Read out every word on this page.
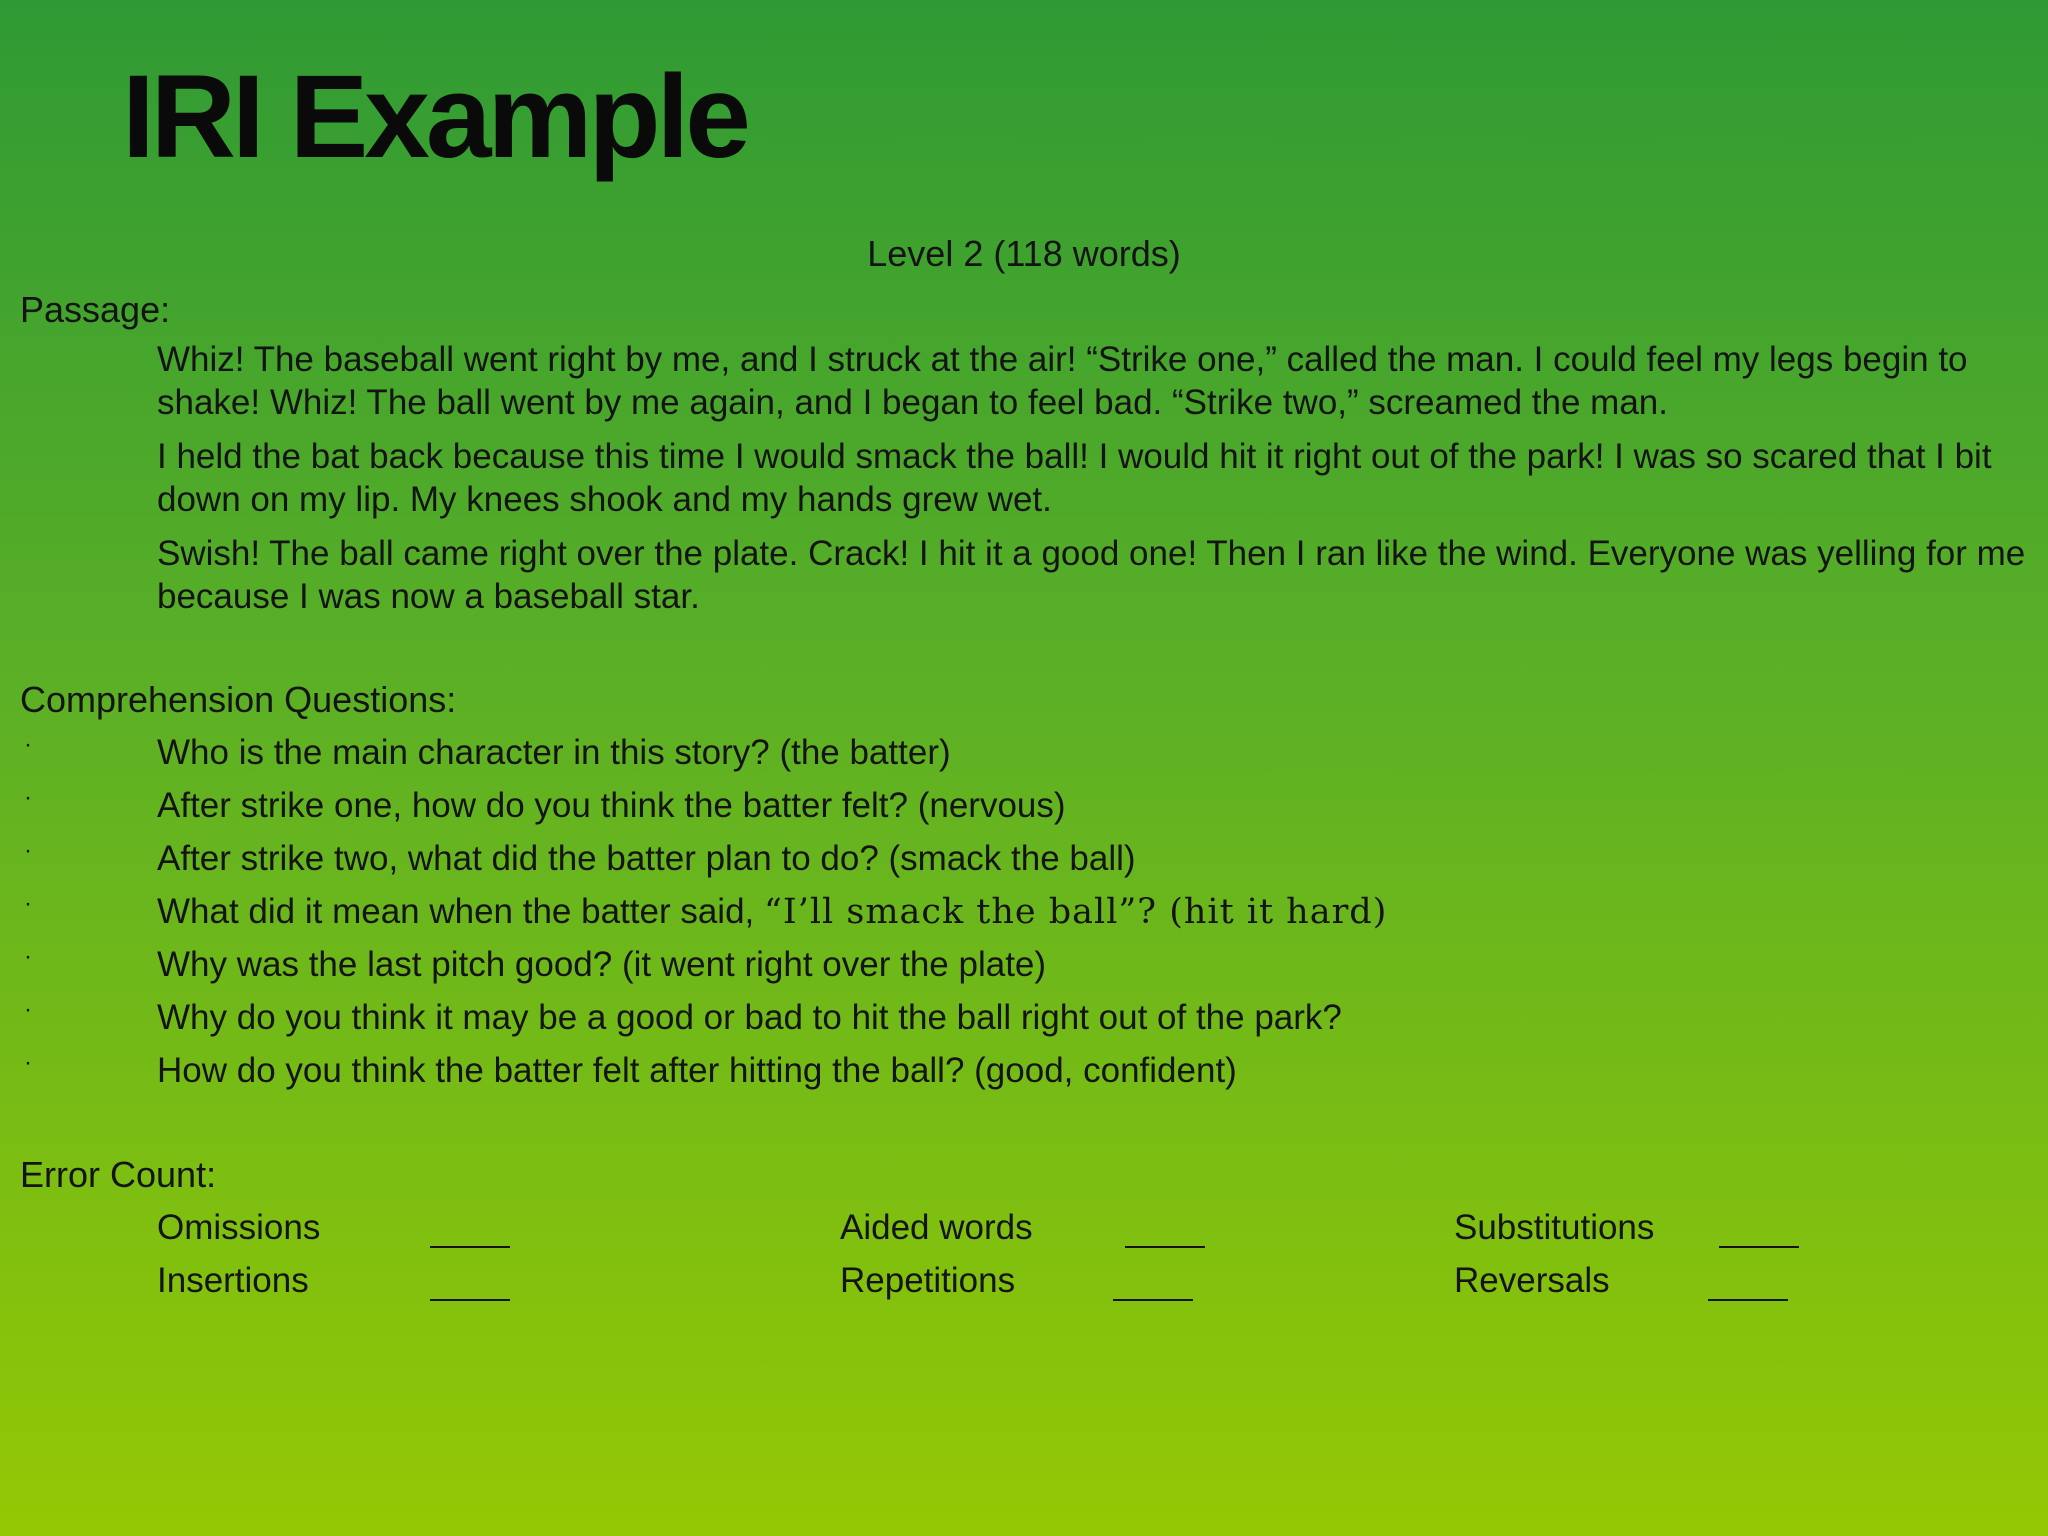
IRI Example
Level 2 (118 words)
Passage:

Whiz! The baseball went right by me, and I struck at the air! “Strike one,” called the man. I could feel my legs begin to shake! Whiz! The ball went by me again, and I began to feel bad. “Strike two,” screamed the man.

I held the bat back because this time I would smack the ball! I would hit it right out of the park! I was so scared that I bit down on my lip. My knees shook and my hands grew wet.

Swish! The ball came right over the plate. Crack! I hit it a good one! Then I ran like the wind. Everyone was yelling for me because I was now a baseball star.

Comprehension Questions:
·	Who is the main character in this story? (the batter)
·	After strike one, how do you think the batter felt? (nervous)
·	After strike two, what did the batter plan to do? (smack the ball)
·	What did it mean when the batter said, “I’ll smack the ball”? (hit it hard)
·	Why was the last pitch good? (it went right over the plate)
·	Why do you think it may be a good or bad to hit the ball right out of the park?
·	How do you think the batter felt after hitting the ball? (good, confident)
Error Count:
Omissions	Aided words	Substitutions
Insertions	Repetitions	Reversals
